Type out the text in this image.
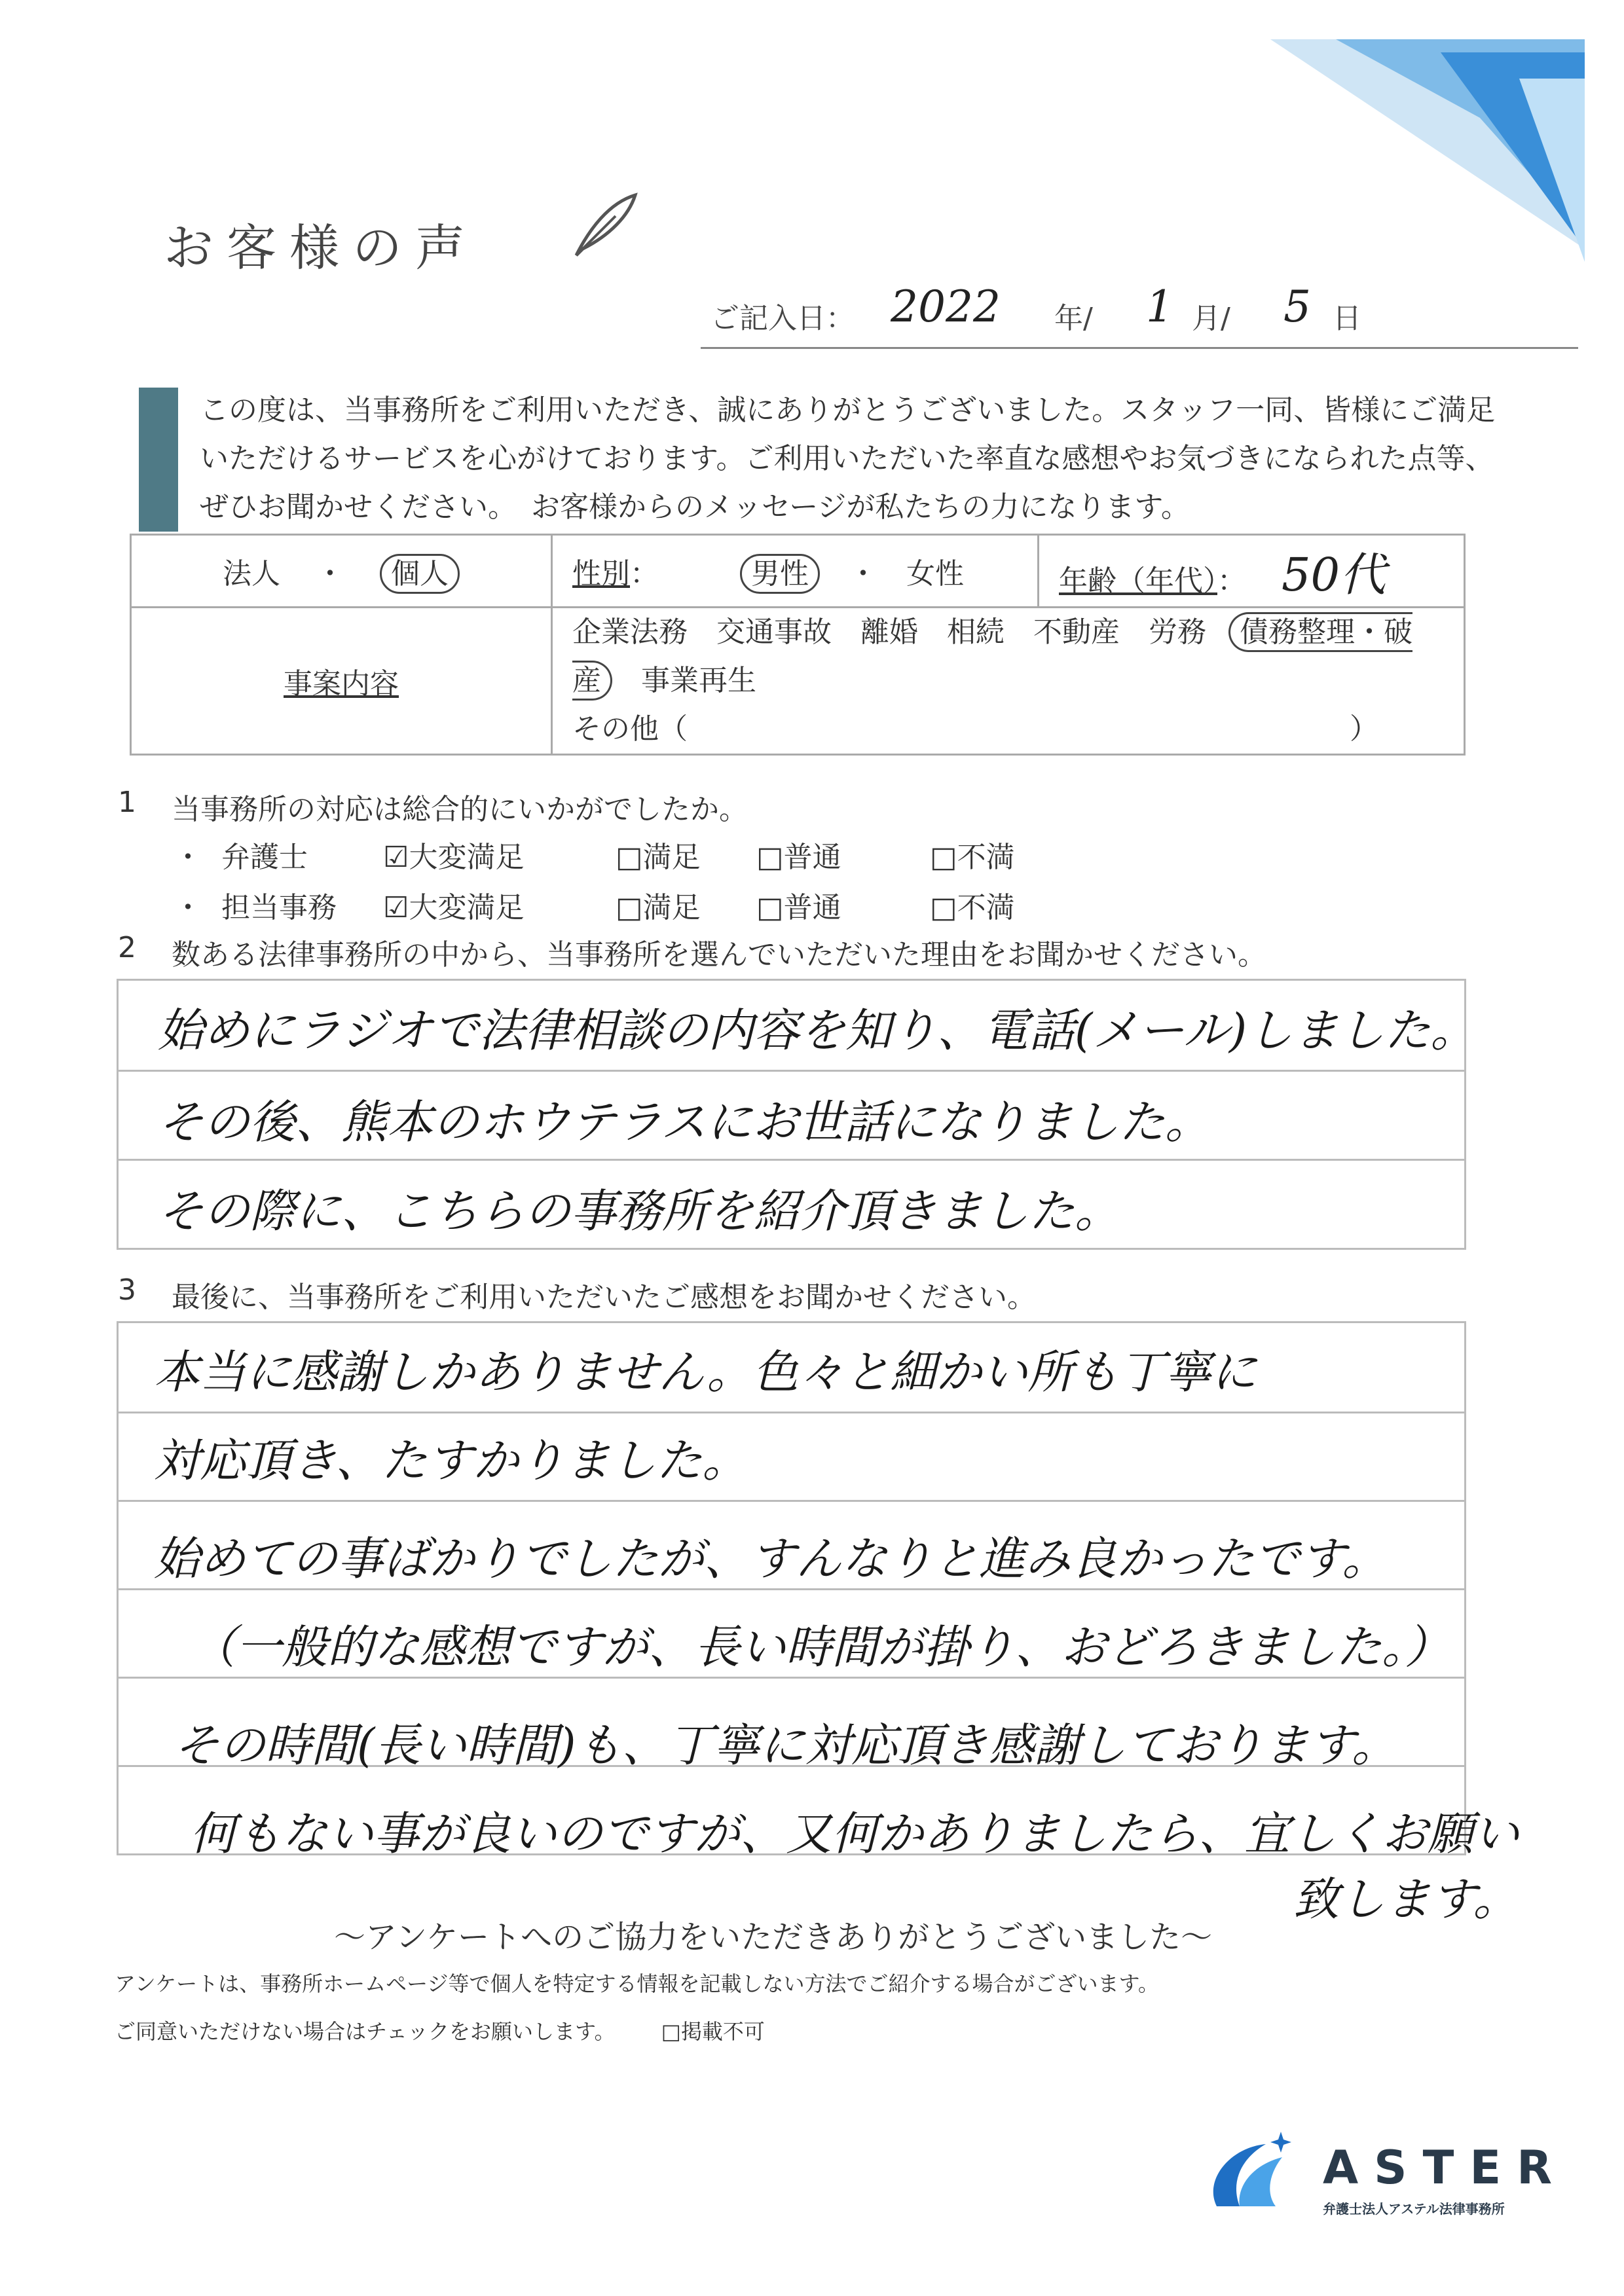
お客様の声
ご記入日： 2022 年/ 1 月/ 5 日
この度は、当事務所をご利用いただき、誠にありがとうございました。スタッフ一同、皆様にご満足
いただけるサービスを心がけております。ご利用いただいた率直な感想やお気づきになられた点等、
ぜひお聞かせください。　お客様からのメッセージが私たちの力になります。
法人 ・ 個人	性別： 男性 ・ 女性	年齢（年代）： 50代
事案内容	企業法務 交通事故 離婚 相続 不動産 労務 債務整理・破産 事業再生
その他（ ）	
1 当事務所の対応は総合的にいかがでしたか。
・ 弁護士	☑大変満足	□満足 □普通	□不満
・ 担当事務 ☑大変満足	□満足 □普通	□不満
2 数ある法律事務所の中から、当事務所を選んでいただいた理由をお聞かせください。
始めにラジオで法律相談の内容を知り、電話(メール)しました。
その後、熊本のホウテラスにお世話になりました。
その際に、こちらの事務所を紹介頂きました。
3 最後に、当事務所をご利用いただいたご感想をお聞かせください。
本当に感謝しかありません。色々と細かい所も丁寧に
対応頂き、たすかりました。
始めての事ばかりでしたが、すんなりと進み良かったです。
（一般的な感想ですが、長い時間が掛り、おどろきました。）
その時間(長い時間)も、丁寧に対応頂き感謝しております。
何もない事が良いのですが、又何かありましたら、宜しくお願い
致します。
～アンケートへのご協力をいただきありがとうございました～
アンケートは、事務所ホームページ等で個人を特定する情報を記載しない方法でご紹介する場合がございます。
ご同意いただけない場合はチェックをお願いします。 □掲載不可
ASTER
弁護士法人アステル法律事務所
